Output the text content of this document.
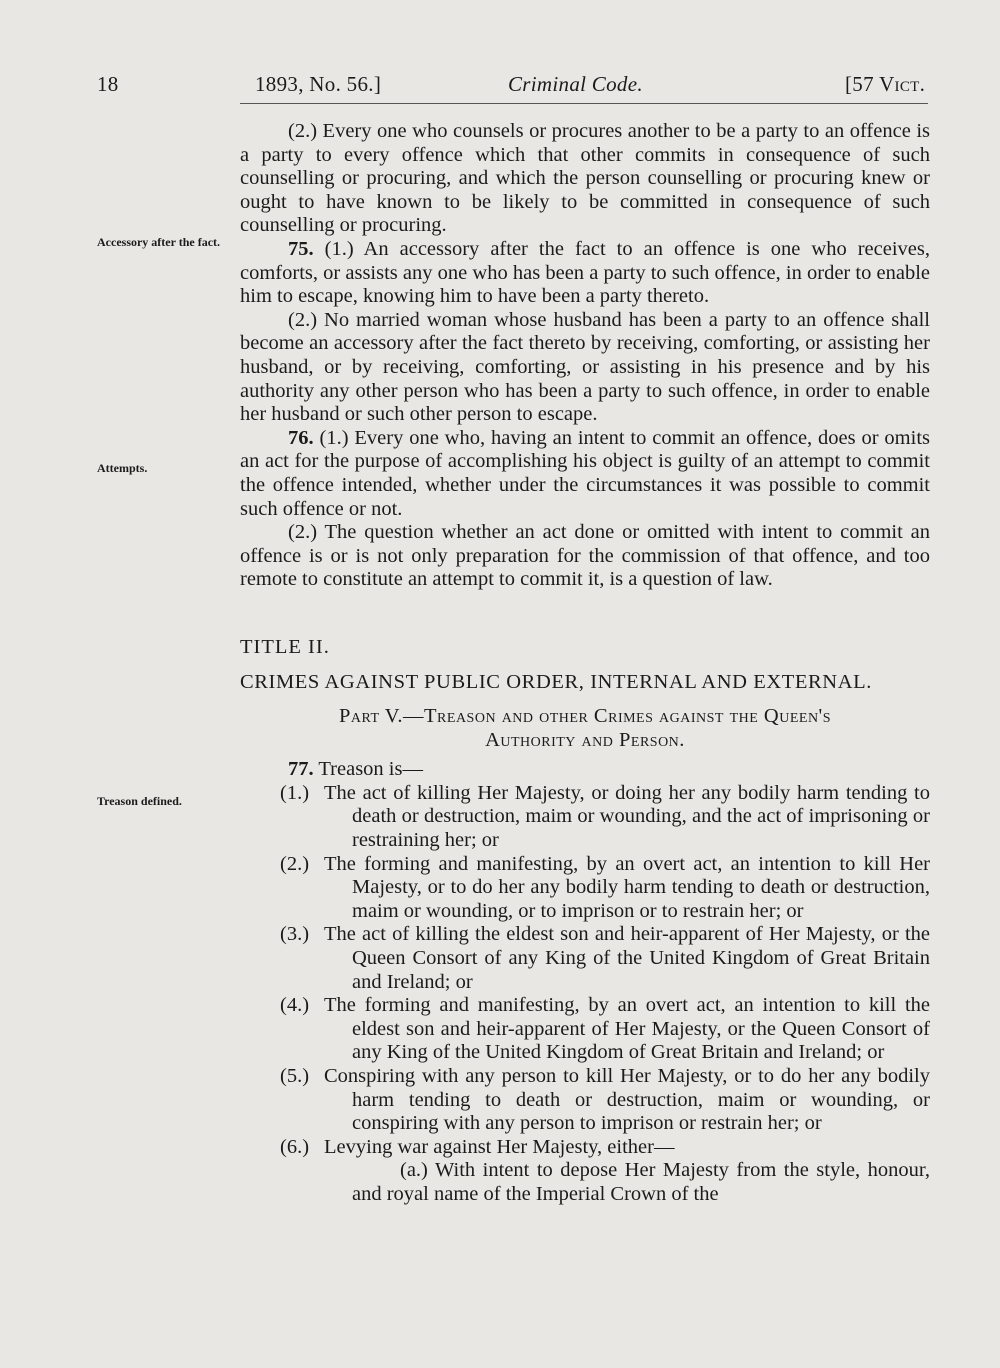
18	1893, No. 56.]	Criminal Code.	[57 Vict.
Accessory after the fact.
Attempts.
Treason defined.

(2.) Every one who counsels or procures another to be a party to an offence is a party to every offence which that other commits in consequence of such counselling or procuring, and which the person counselling or procuring knew or ought to have known to be likely to be committed in consequence of such counselling or procuring.

75. (1.) An accessory after the fact to an offence is one who receives, comforts, or assists any one who has been a party to such offence, in order to enable him to escape, knowing him to have been a party thereto.

(2.) No married woman whose husband has been a party to an offence shall become an accessory after the fact thereto by receiving, comforting, or assisting her husband, or by receiving, comforting, or assisting in his presence and by his authority any other person who has been a party to such offence, in order to enable her husband or such other person to escape.

76. (1.) Every one who, having an intent to commit an offence, does or omits an act for the purpose of accomplishing his object is guilty of an attempt to commit the offence intended, whether under the circumstances it was possible to commit such offence or not.

(2.) The question whether an act done or omitted with intent to commit an offence is or is not only preparation for the commission of that offence, and too remote to constitute an attempt to commit it, is a question of law.

TITLE II.

CRIMES AGAINST PUBLIC ORDER, INTERNAL AND EXTERNAL.

Part V.—Treason and other Crimes against the Queen's

Authority and Person.

77. Treason is—

(1.) The act of killing Her Majesty, or doing her any bodily harm tending to death or destruction, maim or wounding, and the act of imprisoning or restraining her; or

(2.) The forming and manifesting, by an overt act, an intention to kill Her Majesty, or to do her any bodily harm tending to death or destruction, maim or wounding, or to imprison or to restrain her; or

(3.) The act of killing the eldest son and heir-apparent of Her Majesty, or the Queen Consort of any King of the United Kingdom of Great Britain and Ireland; or

(4.) The forming and manifesting, by an overt act, an intention to kill the eldest son and heir-apparent of Her Majesty, or the Queen Consort of any King of the United Kingdom of Great Britain and Ireland; or

(5.) Conspiring with any person to kill Her Majesty, or to do her any bodily harm tending to death or destruction, maim or wounding, or conspiring with any person to imprison or restrain her; or

(6.) Levying war against Her Majesty, either—

(a.) With intent to depose Her Majesty from the style, honour, and royal name of the Imperial Crown of the
